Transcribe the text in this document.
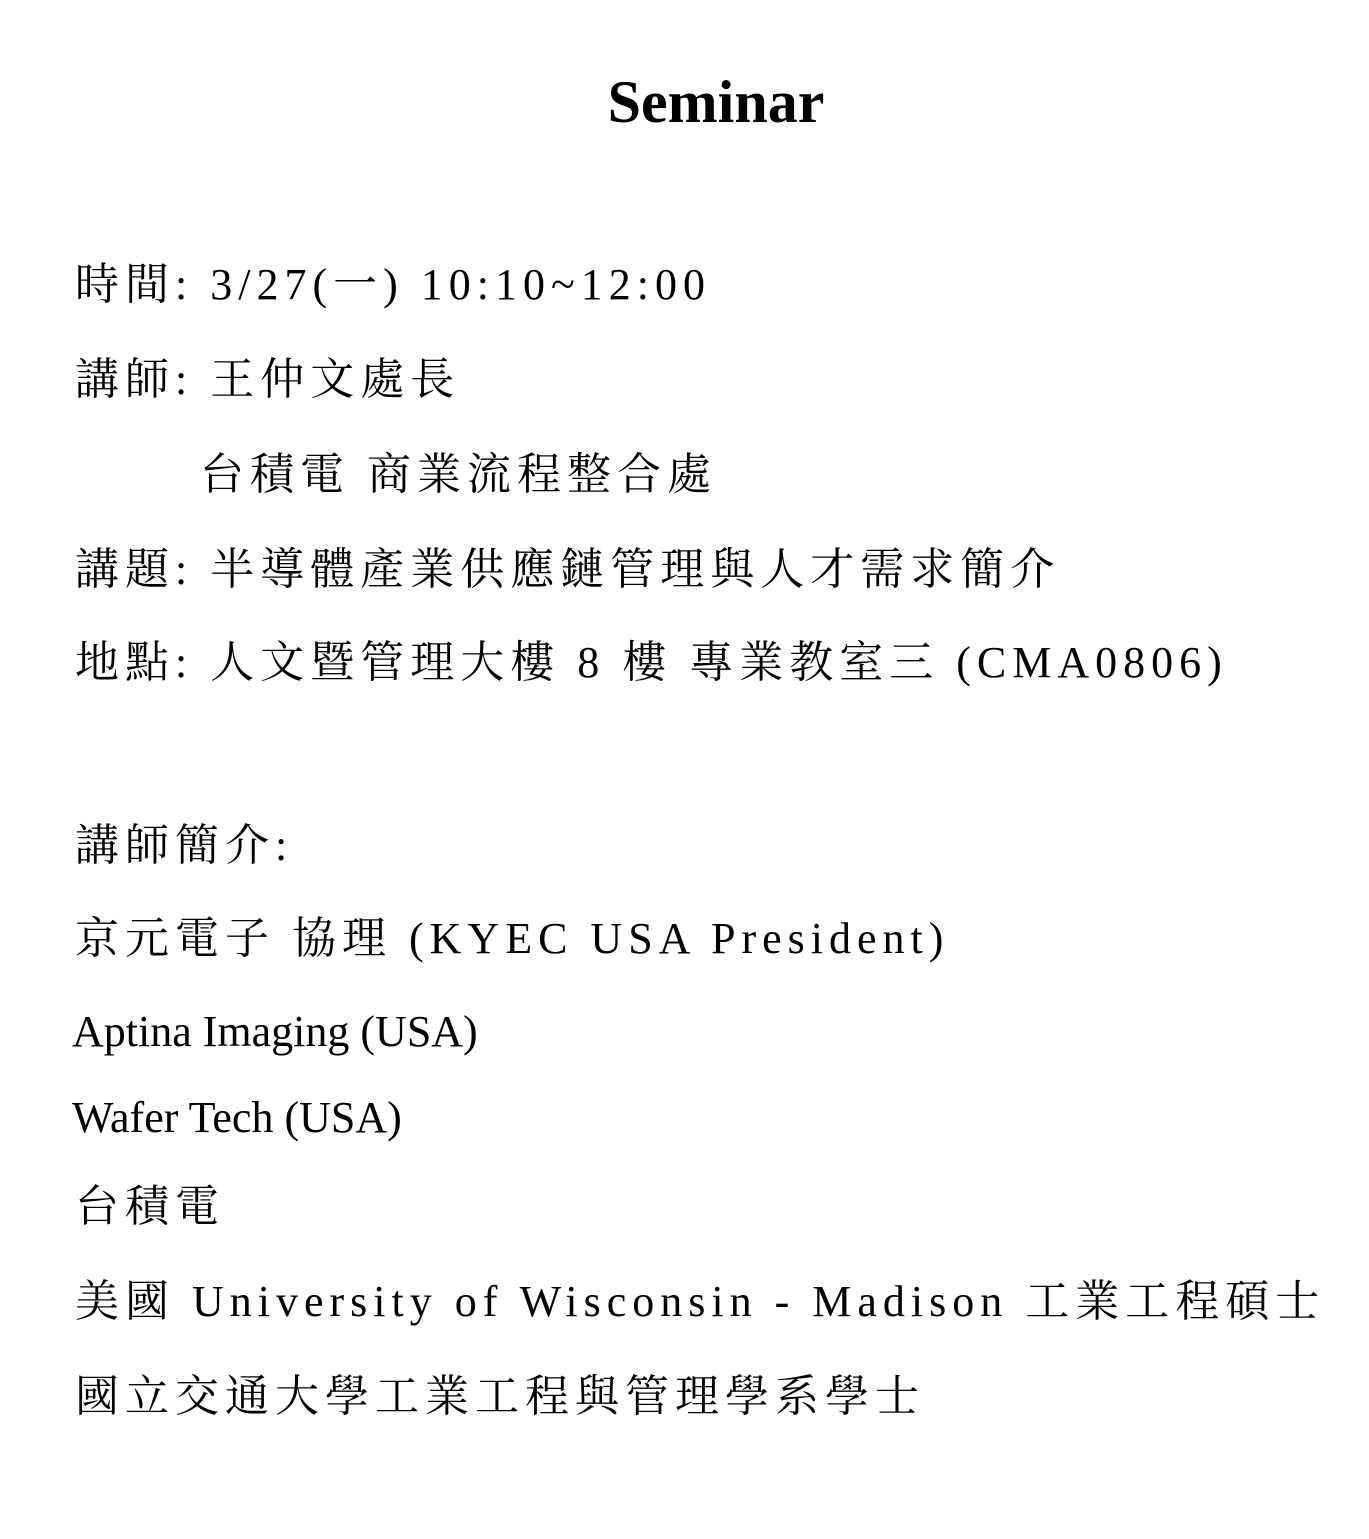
Seminar
時間: 3/27(一) 10:10~12:00
講師: 王仲文處長
台積電 商業流程整合處
講題: 半導體產業供應鏈管理與人才需求簡介
地點: 人文暨管理大樓 8 樓 專業教室三 (CMA0806)
講師簡介:
京元電子 協理 (KYEC USA President)
Aptina Imaging (USA)
Wafer Tech (USA)
台積電
美國 University of Wisconsin - Madison 工業工程碩士
國立交通大學工業工程與管理學系學士
